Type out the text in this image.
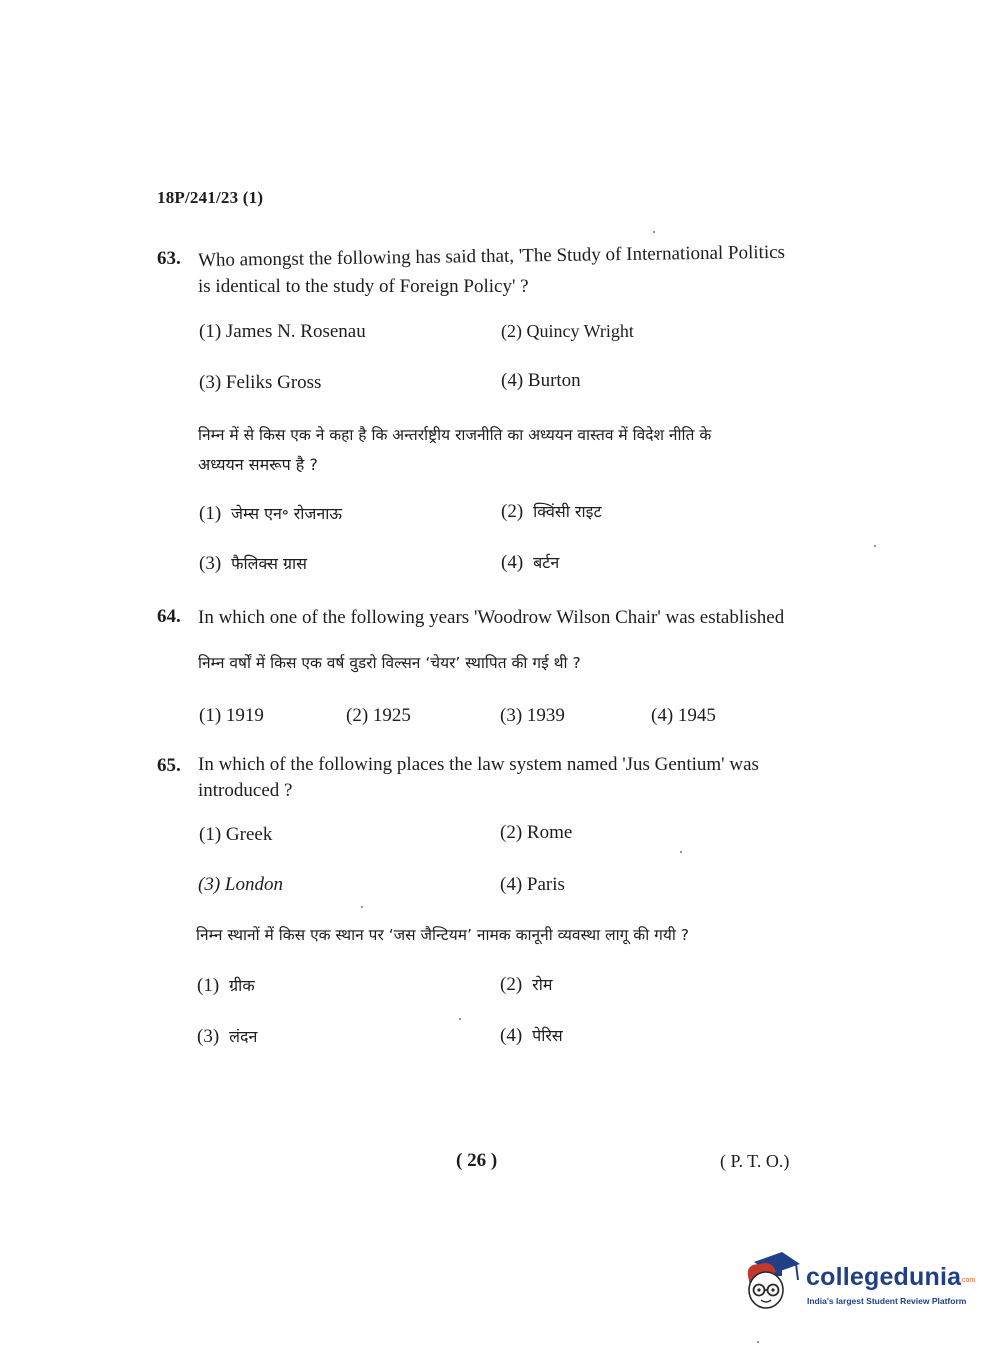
18P/241/23 (1)
63. Who amongst the following has said that, 'The Study of International Politics
is identical to the study of Foreign Policy' ?
(1) James N. Rosenau	(2) Quincy Wright
(3) Feliks Gross	(4) Burton
निम्न में से किस एक ने कहा है कि अन्तर्राष्ट्रीय राजनीति का अध्ययन वास्तव में विदेश नीति के
अध्ययन समरूप है ?
(1) जेम्स एन॰ रोजनाऊ	(2) क्विंसी राइट
(3) फैलिक्स ग्रास	(4) बर्टन
64. In which one of the following years 'Woodrow Wilson Chair' was established
निम्न वर्षों में किस एक वर्ष वुडरो विल्सन ‘चेयर’ स्थापित की गई थी ?
(1) 1919	(2) 1925	(3) 1939	(4) 1945
65. In which of the following places the law system named 'Jus Gentium' was
introduced ?
(1) Greek	(2) Rome
(3) London	(4) Paris
निम्न स्थानों में किस एक स्थान पर ‘जस जैन्टियम’ नामक कानूनी व्यवस्था लागू की गयी ?
(1) ग्रीक	(2) रोम
(3) लंदन	(4) पेरिस
( 26 )	( P. T. O.)
collegedunia
.com
India's largest Student Review Platform
